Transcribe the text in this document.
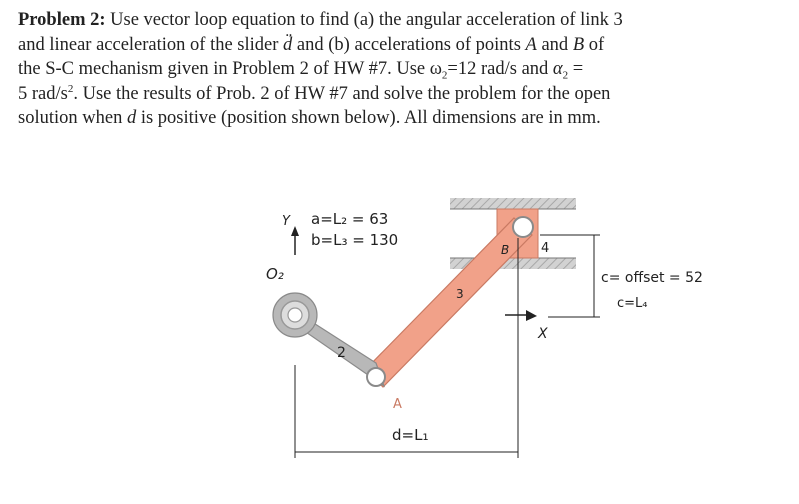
Problem 2: Use vector loop equation to find (a) the angular acceleration of link 3
and linear acceleration of the slider d̈ and (b) accelerations of points A and B of
the S-C mechanism given in Problem 2 of HW #7. Use $\omega_2=12$ rad/s and $\alpha_2$ =
5 rad/$s^2$. Use the results of Prob. 2 of HW #7 and solve the problem for the open
solution when d is positive (position shown below). All dimensions are in mm.

a=L₂ = 63
b=L₃ = 130
Y
X
O₂
2
3
A
B 4
c= offset = 52
c=L₄
d=L₁
